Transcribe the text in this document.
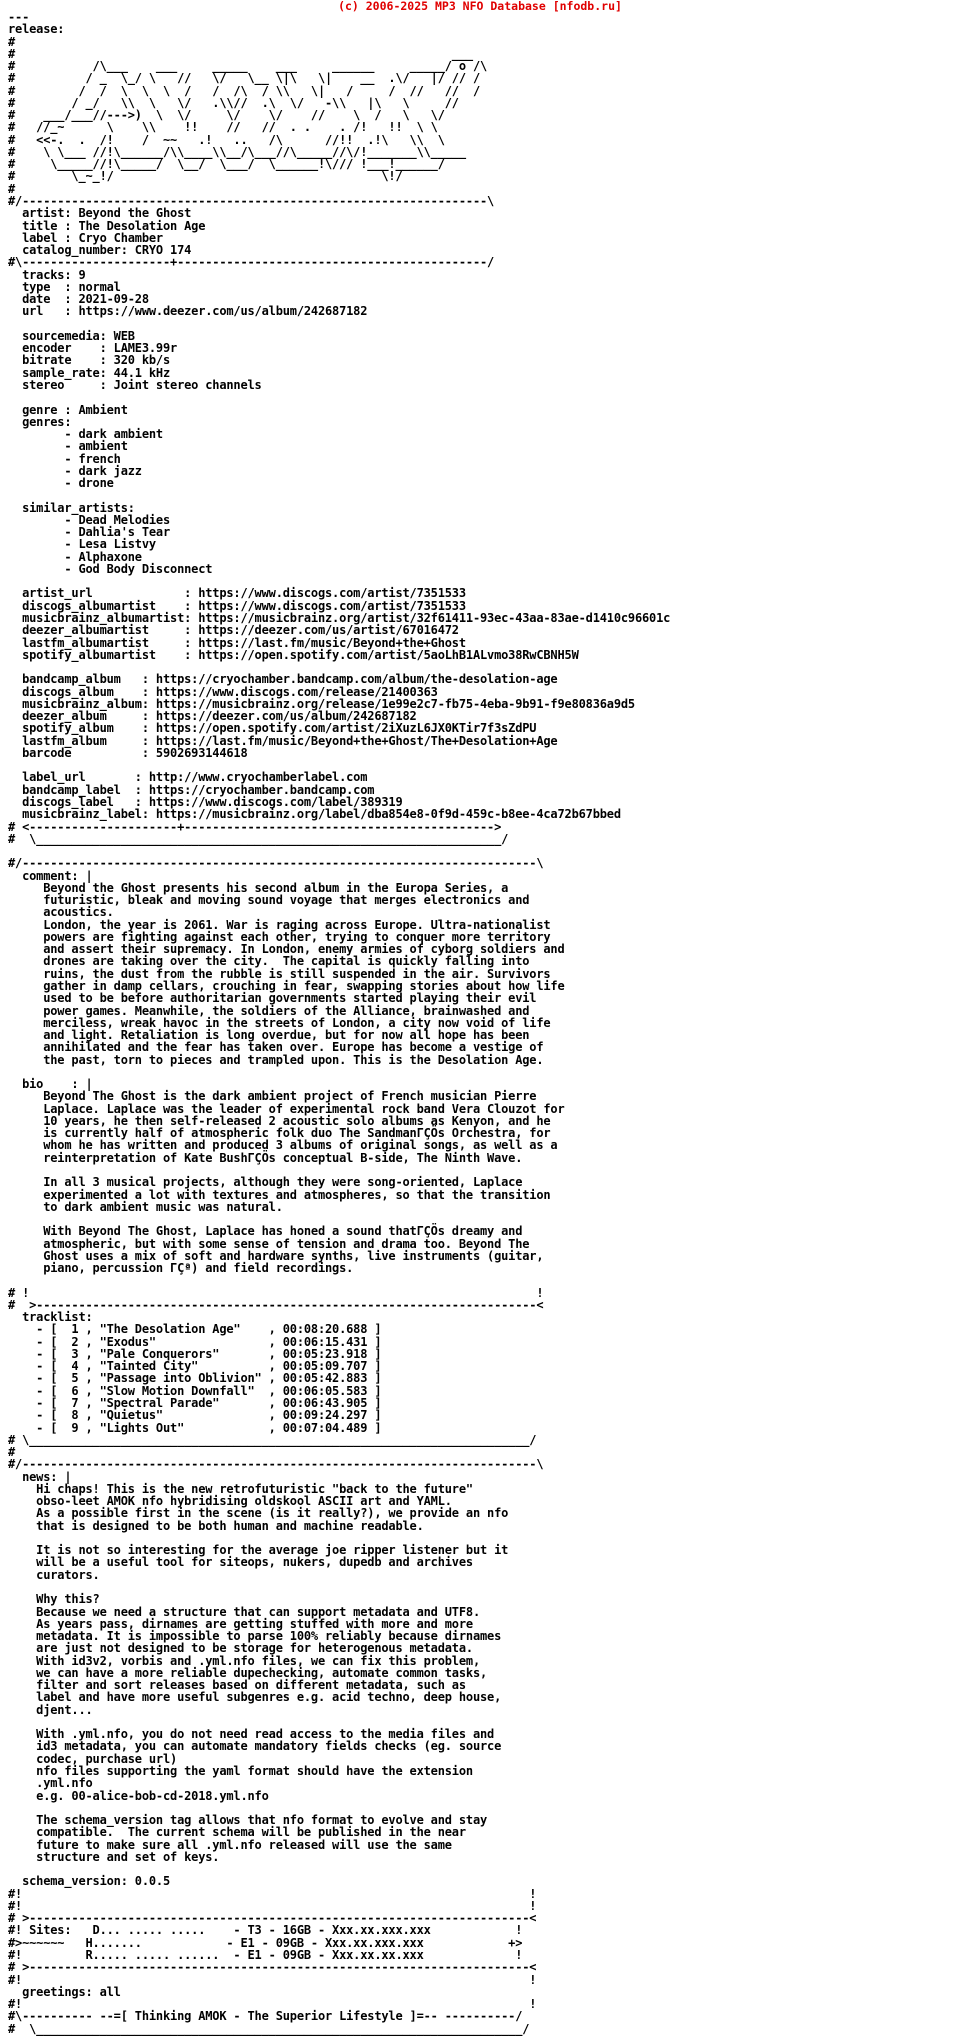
(c) 2006-2025 MP3 NFO Database [nfodb.ru]
---
release:
#
#                                                              ___
#           /\___    ___     _____    ___     ______     _____/ o /\
#          / _  \_/ \   //   \/   \__ \|\   \|    __  .\/   |/ // /
#         /  /  \  \  \  /   /  /\  / \\   \|   /     /  //   //  /
#        / _/   \\  \   \/   .\\//  .\  \/   -\\   |\   \     //
#    ___/___//--->)  \  \/     \/    \/    //    \  /   \   \/
#   //_~      \    \\    !!    //   //  . .    . /!   !!  \ \
#   <<-.  .  /!    /  ~~   .!   ..   /\      //!!  .!\   \\  \
#    \ \___ //!\______/\\____\\__/\___//\_____//\/!_______\\_____
#     \_____//!\_____/  \__/  \___/  \______!\/// !___!______/
#        \_~_!/                                      \!/
#
#/------------------------------------------------------------------\
artist: Beyond the Ghost
title : The Desolation Age
label : Cryo Chamber
catalog_number: CRYO 174
#\---------------------+--------------------------------------------/
tracks: 9
type  : normal
date  : 2021-09-28
url   : https://www.deezer.com/us/album/242687182

sourcemedia: WEB
encoder    : LAME3.99r
bitrate    : 320 kb/s
sample_rate: 44.1 kHz
stereo     : Joint stereo channels

genre : Ambient
genres:
- dark ambient
- ambient
- french
- dark jazz
- drone

similar_artists:
- Dead Melodies
- Dahlia's Tear
- Lesa Listvy
- Alphaxone
- God Body Disconnect

artist_url             : https://www.discogs.com/artist/7351533
discogs_albumartist    : https://www.discogs.com/artist/7351533
musicbrainz_albumartist: https://musicbrainz.org/artist/32f61411-93ec-43aa-83ae-d1410c96601c
deezer_albumartist     : https://deezer.com/us/artist/67016472
lastfm_albumartist     : https://last.fm/music/Beyond+the+Ghost
spotify_albumartist    : https://open.spotify.com/artist/5aoLhB1ALvmo38RwCBNH5W

bandcamp_album   : https://cryochamber.bandcamp.com/album/the-desolation-age
discogs_album    : https://www.discogs.com/release/21400363
musicbrainz_album: https://musicbrainz.org/release/1e99e2c7-fb75-4eba-9b91-f9e80836a9d5
deezer_album     : https://deezer.com/us/album/242687182
spotify_album    : https://open.spotify.com/artist/2iXuzL6JX0KTir7f3sZdPU
lastfm_album     : https://last.fm/music/Beyond+the+Ghost/The+Desolation+Age
barcode          : 5902693144618

label_url       : http://www.cryochamberlabel.com
bandcamp_label  : https://cryochamber.bandcamp.com
discogs_label   : https://www.discogs.com/label/389319
musicbrainz_label: https://musicbrainz.org/label/dba854e8-0f9d-459c-b8ee-4ca72b67bbed
# <---------------------+-------------------------------------------->
#  \__________________________________________________________________/

#/-------------------------------------------------------------------------\
comment: |
Beyond the Ghost presents his second album in the Europa Series, a
futuristic, bleak and moving sound voyage that merges electronics and
acoustics.
London, the year is 2061. War is raging across Europe. Ultra-nationalist
powers are fighting against each other, trying to conquer more territory
and assert their supremacy. In London, enemy armies of cyborg soldiers and
drones are taking over the city.  The capital is quickly falling into
ruins, the dust from the rubble is still suspended in the air. Survivors
gather in damp cellars, crouching in fear, swapping stories about how life
used to be before authoritarian governments started playing their evil
power games. Meanwhile, the soldiers of the Alliance, brainwashed and
merciless, wreak havoc in the streets of London, a city now void of life
and light. Retaliation is long overdue, but for now all hope has been
annihilated and the fear has taken over. Europe has become a vestige of
the past, torn to pieces and trampled upon. This is the Desolation Age.

bio    : |
Beyond The Ghost is the dark ambient project of French musician Pierre
Laplace. Laplace was the leader of experimental rock band Vera Clouzot for
10 years, he then self-released 2 acoustic solo albums as Kenyon, and he
is currently half of atmospheric folk duo The SandmanΓÇÖs Orchestra, for
whom he has written and produced 3 albums of original songs, as well as a
reinterpretation of Kate BushΓÇÖs conceptual B-side, The Ninth Wave.

In all 3 musical projects, although they were song-oriented, Laplace
experimented a lot with textures and atmospheres, so that the transition
to dark ambient music was natural.

With Beyond The Ghost, Laplace has honed a sound thatΓÇÖs dreamy and
atmospheric, but with some sense of tension and drama too. Beyond The
Ghost uses a mix of soft and hardware synths, live instruments (guitar,
piano, percussion ΓÇª) and field recordings.

# !                                                                        !
#  >-----------------------------------------------------------------------<
tracklist:
- [  1 , "The Desolation Age"    , 00:08:20.688 ]
- [  2 , "Exodus"                , 00:06:15.431 ]
- [  3 , "Pale Conquerors"       , 00:05:23.918 ]
- [  4 , "Tainted City"          , 00:05:09.707 ]
- [  5 , "Passage into Oblivion" , 00:05:42.883 ]
- [  6 , "Slow Motion Downfall"  , 00:06:05.583 ]
- [  7 , "Spectral Parade"       , 00:06:43.905 ]
- [  8 , "Quietus"               , 00:09:24.297 ]
- [  9 , "Lights Out"            , 00:07:04.489 ]
# \_______________________________________________________________________/
#
#/-------------------------------------------------------------------------\
news: |
Hi chaps! This is the new retrofuturistic "back to the future"
obso-leet AMOK nfo hybridising oldskool ASCII art and YAML.
As a possible first in the scene (is it really?), we provide an nfo
that is designed to be both human and machine readable.

It is not so interesting for the average joe ripper listener but it
will be a useful tool for siteops, nukers, dupedb and archives
curators.

Why this?
Because we need a structure that can support metadata and UTF8.
As years pass, dirnames are getting stuffed with more and more
metadata. It is impossible to parse 100% reliably because dirnames
are just not designed to be storage for heterogenous metadata.
With id3v2, vorbis and .yml.nfo files, we can fix this problem,
we can have a more reliable dupechecking, automate common tasks,
filter and sort releases based on different metadata, such as
label and have more useful subgenres e.g. acid techno, deep house,
djent...

With .yml.nfo, you do not need read access to the media files and
id3 metadata, you can automate mandatory fields checks (eg. source
codec, purchase url)
nfo files supporting the yaml format should have the extension
.yml.nfo
e.g. 00-alice-bob-cd-2018.yml.nfo

The schema_version tag allows that nfo format to evolve and stay
compatible.  The current schema will be published in the near
future to make sure all .yml.nfo released will use the same
structure and set of keys.

schema_version: 0.0.5
#!                                                                        !
#!                                                                        !
# >-----------------------------------------------------------------------<
#! Sites:   D... ..... .....    - T3 - 16GB - Xxx.xx.xxx.xxx            !
#>~~~~~~   H.......            - E1 - 09GB - Xxx.xx.xxx.xxx            +>
#!         R..... ..... ......  - E1 - 09GB - Xxx.xx.xx.xxx             !
# >-----------------------------------------------------------------------<
#!                                                                        !
greetings: all
#!                                                                        !
#\---------- --=[ Thinking AMOK - The Superior Lifestyle ]=-- ----------/
#  \_____________________________________________________________________/
